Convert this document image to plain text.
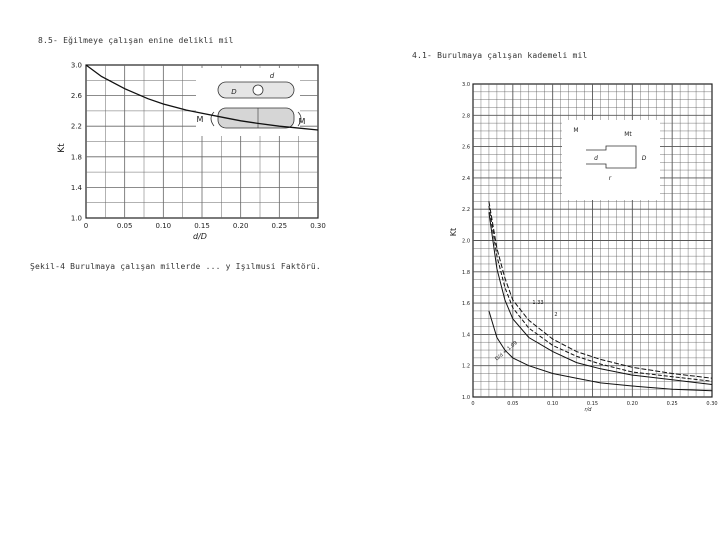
8.5- Eğilmeye çalışan enine delikli mil
Şekil-4 Burulmaya çalışan millerde ... y Işılmusi Faktörü.
4.1- Burulmaya çalışan kademeli mil
0	0.05	0.10	0.15	0.20	0.25	0.30
1.0
1.4
1.8
2.2
2.6
3.0
d/D
Kt
D
d
M	M
0	0.05	0.10	0.15	0.20	0.25	0.30
1.0
1.2
1.4
1.6
1.8
2.0
2.2
2.4
2.6
2.8
3.0
r/d
Kt
M
Mt
d	D
r
1.33
2
D/d = 1.09
